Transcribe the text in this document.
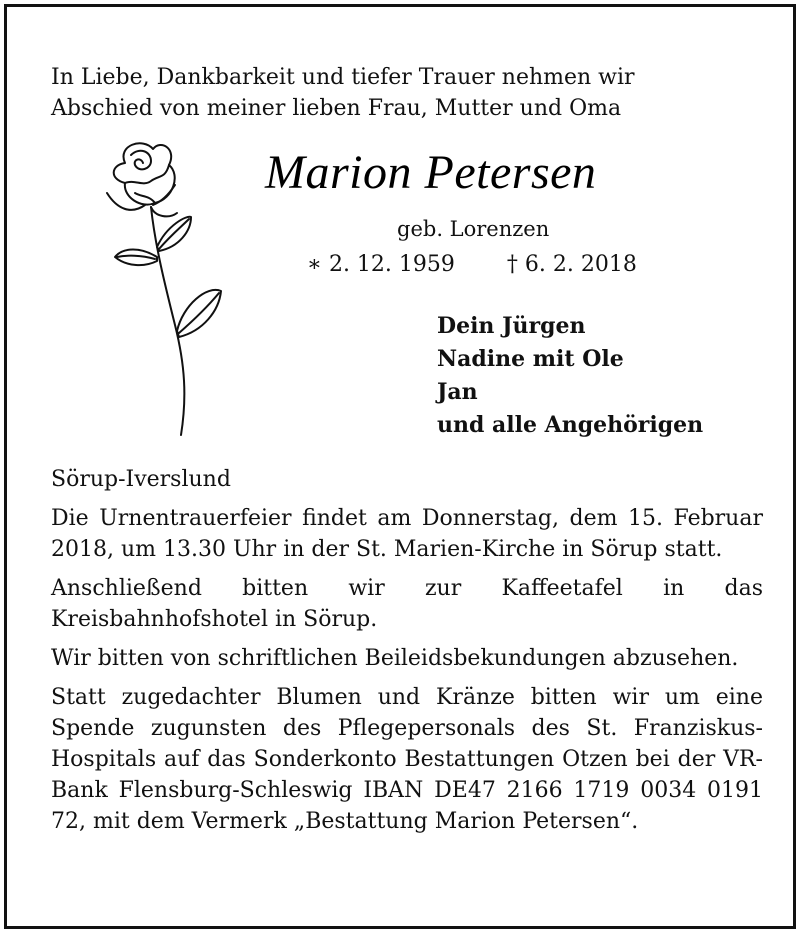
In Liebe, Dankbarkeit und tiefer Trauer nehmen wir
Abschied von meiner lieben Frau, Mutter und Oma
Marion Petersen
geb. Lorenzen
∗ 2. 12. 1959 † 6. 2. 2018
Dein Jürgen
Nadine mit Ole
Jan
und alle Angehörigen

Sörup-Iverslund

Die Urnentrauerfeier findet am Donnerstag, dem 15. Februar 2018, um 13.30 Uhr in der St. Marien-Kirche in Sörup statt.

Anschließend bitten wir zur Kaffeetafel in das Kreisbahnhofshotel in Sörup.

Wir bitten von schriftlichen Beileidsbekundungen abzusehen.

Statt zugedachter Blumen und Kränze bitten wir um eine Spende zugunsten des Pflegepersonals des St. Franziskus-Hospitals auf das Sonderkonto Bestattungen Otzen bei der VR-Bank Flensburg-Schleswig IBAN DE47 2166 1719 0034 0191 72, mit dem Vermerk „Bestattung Marion Petersen“.
